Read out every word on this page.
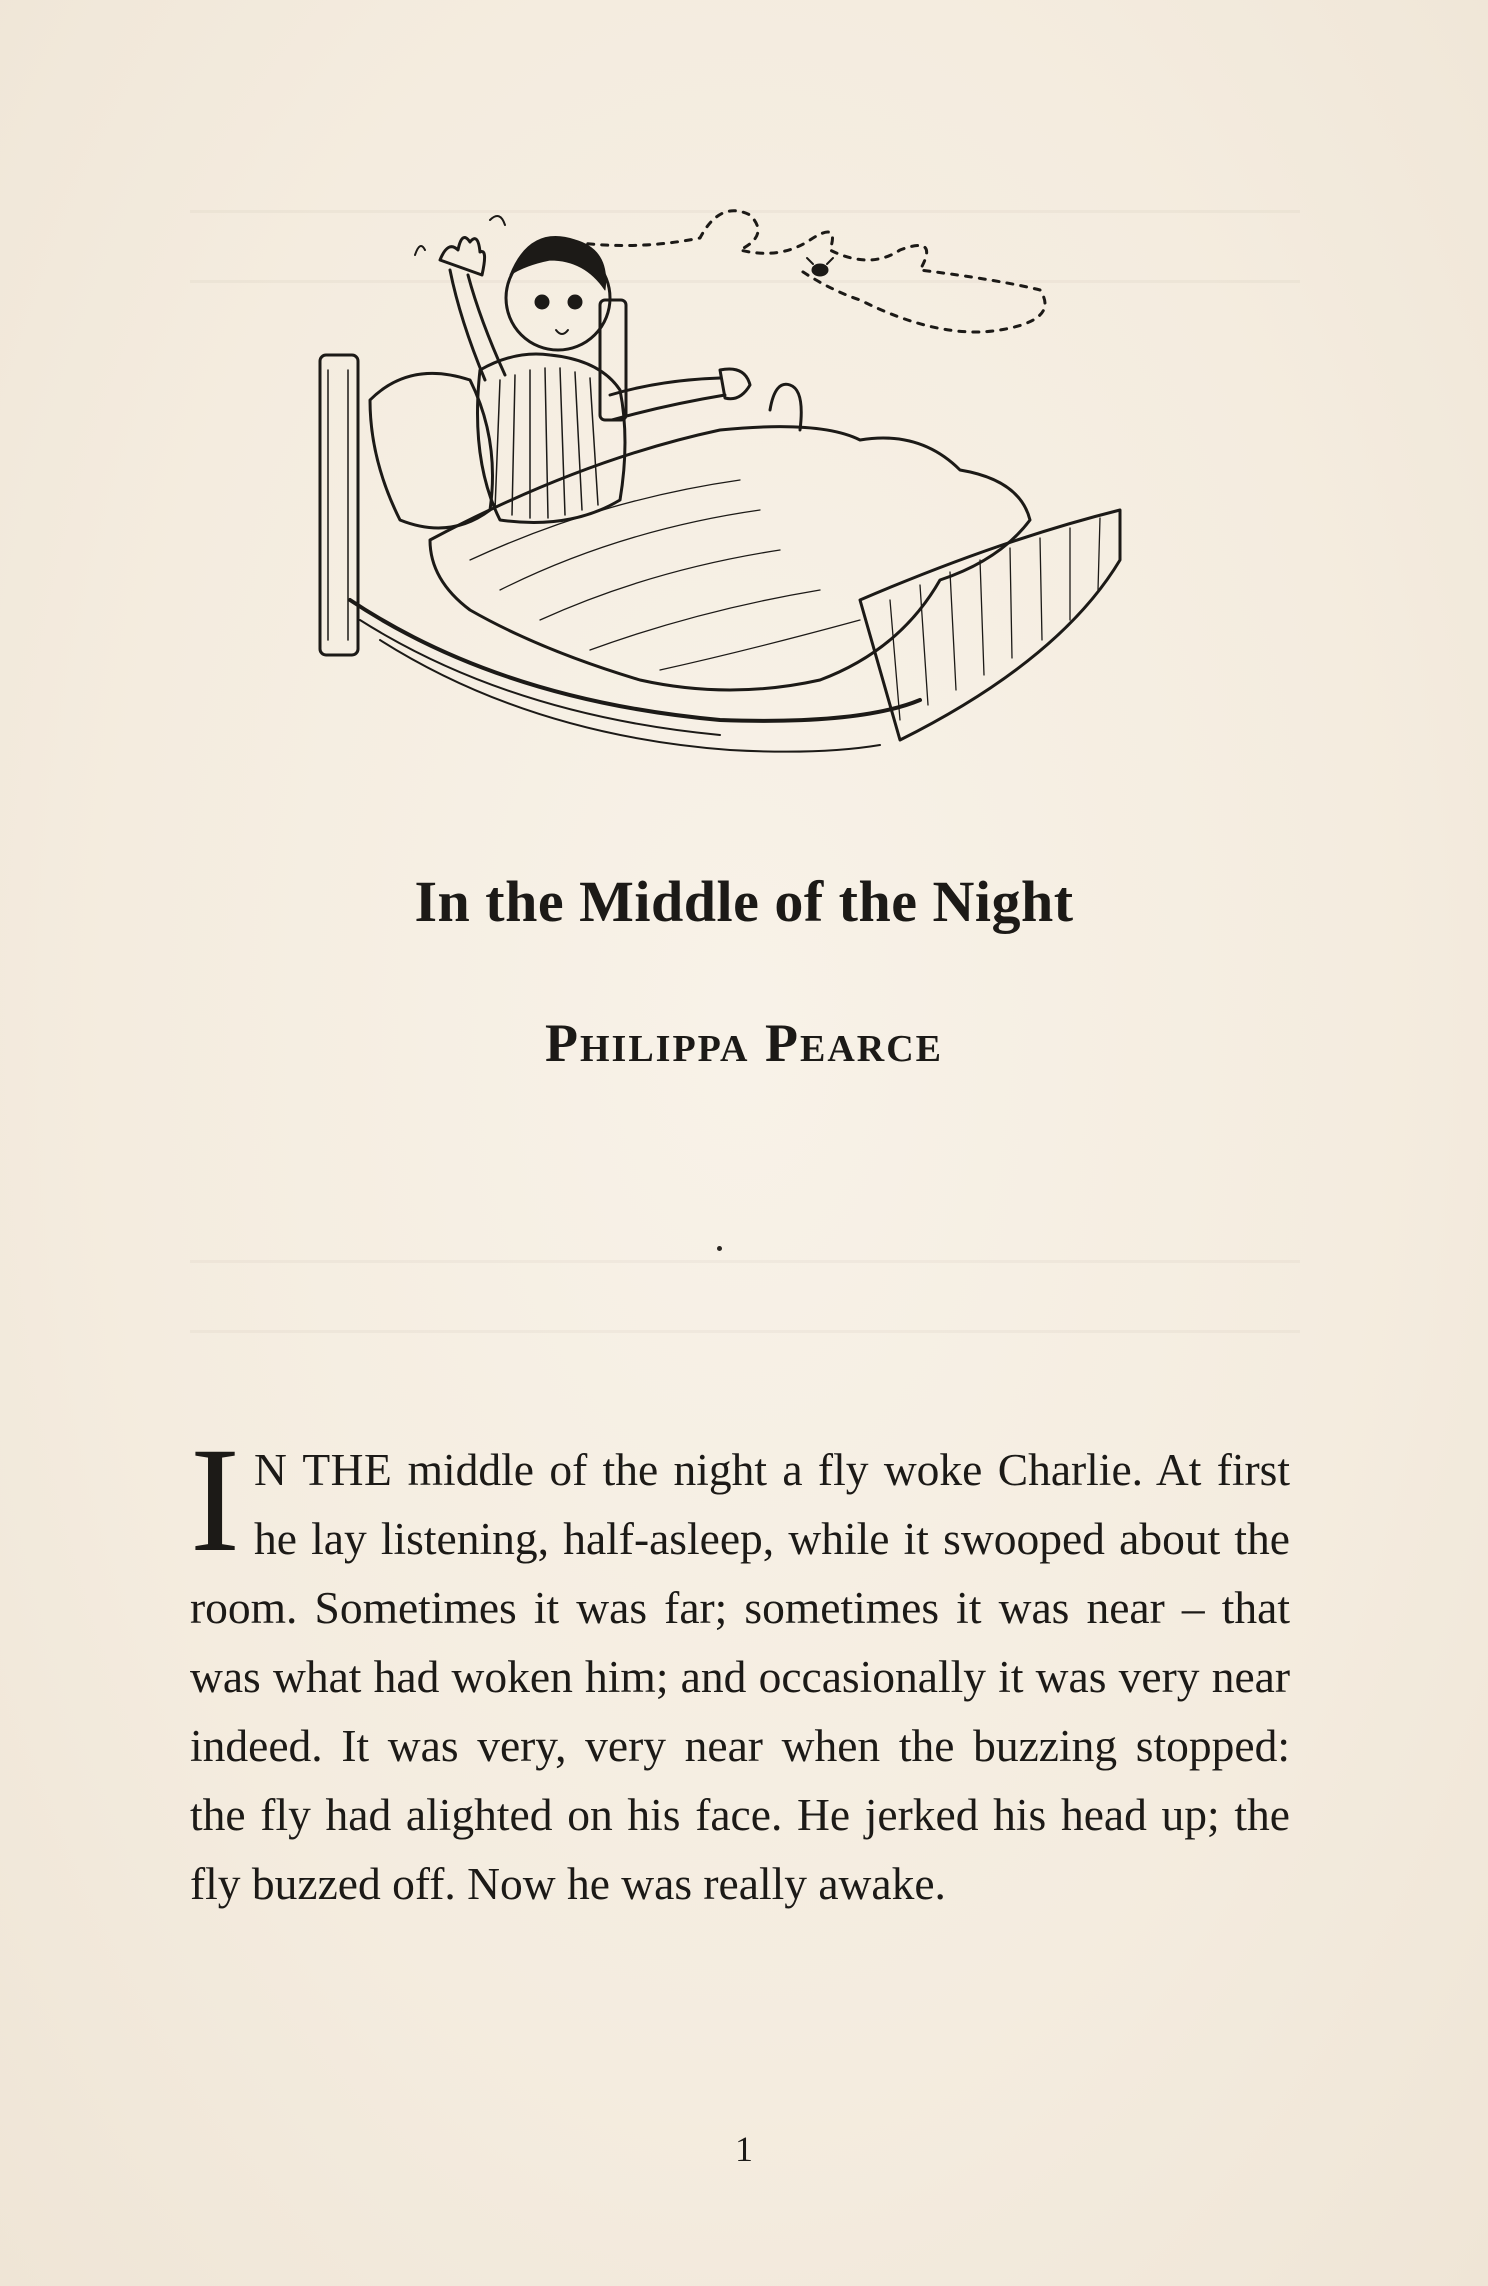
In the Middle of the Night
Philippa Pearce

I N THE middle of the night a fly woke Charlie. At first he lay listening, half-asleep, while it swooped about the room. Sometimes it was far; sometimes it was near – that was what had woken him; and occasionally it was very near indeed. It was very, very near when the buzzing stopped: the fly had alighted on his face. He jerked his head up; the fly buzzed off. Now he was really awake.

1
